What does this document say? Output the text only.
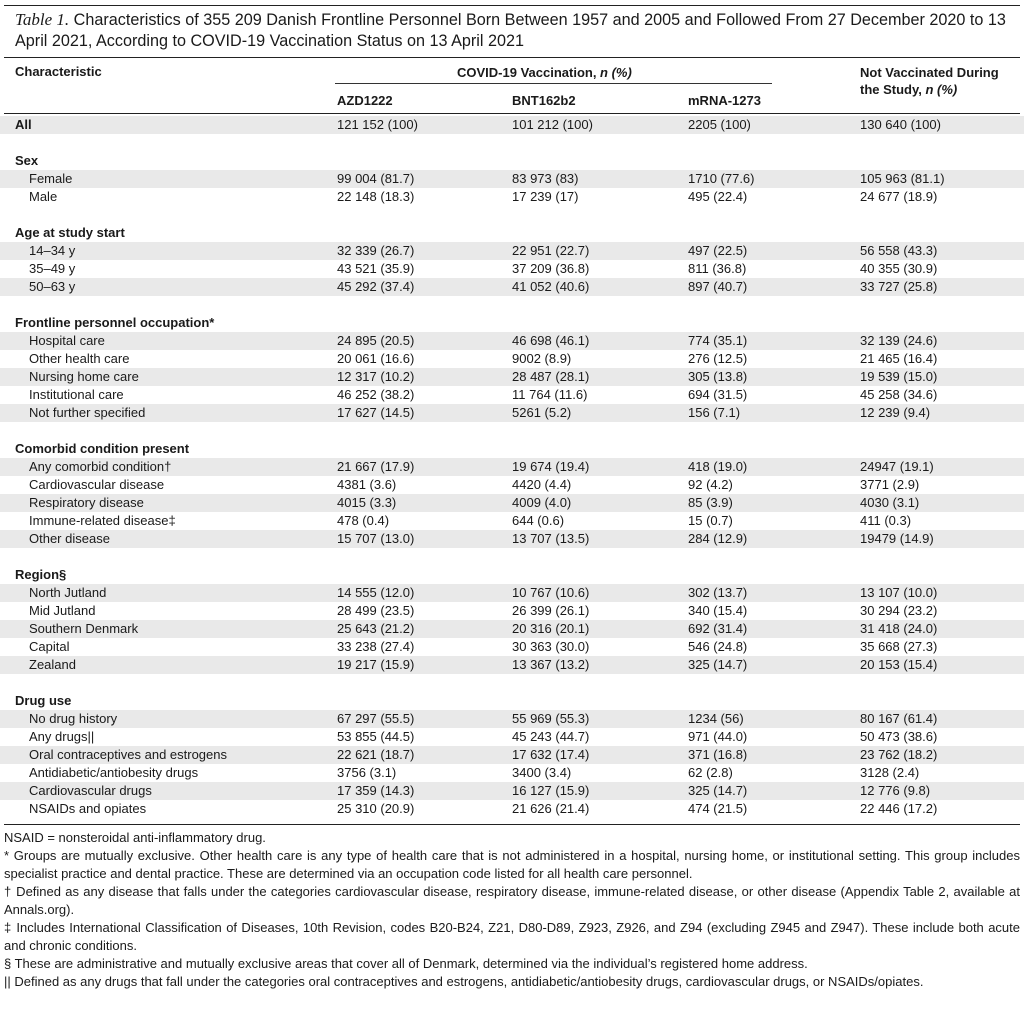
Table 1. Characteristics of 355 209 Danish Frontline Personnel Born Between 1957 and 2005 and Followed From 27 December 2020 to 13 April 2021, According to COVID-19 Vaccination Status on 13 April 2021
Characteristic	COVID-19 Vaccination, n (%)
AZD1222	BNT162b2	mRNA-1273
Not Vaccinated During
the Study, n (%)
All	121 152 (100)	101 212 (100)	2205 (100)	130 640 (100)
Sex
Female	99 004 (81.7)	83 973 (83)	1710 (77.6)	105 963 (81.1)
Male	22 148 (18.3)	17 239 (17)	495 (22.4)	24 677 (18.9)
Age at study start
14–34 y	32 339 (26.7)	22 951 (22.7)	497 (22.5)	56 558 (43.3)
35–49 y	43 521 (35.9)	37 209 (36.8)	811 (36.8)	40 355 (30.9)
50–63 y	45 292 (37.4)	41 052 (40.6)	897 (40.7)	33 727 (25.8)
Frontline personnel occupation*
Hospital care	24 895 (20.5)	46 698 (46.1)	774 (35.1)	32 139 (24.6)
Other health care	20 061 (16.6)	9002 (8.9)	276 (12.5)	21 465 (16.4)
Nursing home care	12 317 (10.2)	28 487 (28.1)	305 (13.8)	19 539 (15.0)
Institutional care	46 252 (38.2)	11 764 (11.6)	694 (31.5)	45 258 (34.6)
Not further specified	17 627 (14.5)	5261 (5.2)	156 (7.1)	12 239 (9.4)
Comorbid condition present
Any comorbid condition†	21 667 (17.9)	19 674 (19.4)	418 (19.0)	24947 (19.1)
Cardiovascular disease	4381 (3.6)	4420 (4.4)	92 (4.2)	3771 (2.9)
Respiratory disease	4015 (3.3)	4009 (4.0)	85 (3.9)	4030 (3.1)
Immune-related disease‡	478 (0.4)	644 (0.6)	15 (0.7)	411 (0.3)
Other disease	15 707 (13.0)	13 707 (13.5)	284 (12.9)	19479 (14.9)
Region§
North Jutland	14 555 (12.0)	10 767 (10.6)	302 (13.7)	13 107 (10.0)
Mid Jutland	28 499 (23.5)	26 399 (26.1)	340 (15.4)	30 294 (23.2)
Southern Denmark	25 643 (21.2)	20 316 (20.1)	692 (31.4)	31 418 (24.0)
Capital	33 238 (27.4)	30 363 (30.0)	546 (24.8)	35 668 (27.3)
Zealand	19 217 (15.9)	13 367 (13.2)	325 (14.7)	20 153 (15.4)
Drug use
No drug history	67 297 (55.5)	55 969 (55.3)	1234 (56)	80 167 (61.4)
Any drugs||	53 855 (44.5)	45 243 (44.7)	971 (44.0)	50 473 (38.6)
Oral contraceptives and estrogens	22 621 (18.7)	17 632 (17.4)	371 (16.8)	23 762 (18.2)
Antidiabetic/antiobesity drugs	3756 (3.1)	3400 (3.4)	62 (2.8)	3128 (2.4)
Cardiovascular drugs	17 359 (14.3)	16 127 (15.9)	325 (14.7)	12 776 (9.8)
NSAIDs and opiates	25 310 (20.9)	21 626 (21.4)	474 (21.5)	22 446 (17.2)
NSAID = nonsteroidal anti-inflammatory drug.
* Groups are mutually exclusive. Other health care is any type of health care that is not administered in a hospital, nursing home, or institutional setting. This group includes specialist practice and dental practice. These are determined via an occupation code listed for all health care personnel.
† Defined as any disease that falls under the categories cardiovascular disease, respiratory disease, immune-related disease, or other disease (Appendix Table 2, available at Annals.org).
‡ Includes International Classification of Diseases, 10th Revision, codes B20-B24, Z21, D80-D89, Z923, Z926, and Z94 (excluding Z945 and Z947). These include both acute and chronic conditions.
§ These are administrative and mutually exclusive areas that cover all of Denmark, determined via the individual’s registered home address.
|| Defined as any drugs that fall under the categories oral contraceptives and estrogens, antidiabetic/antiobesity drugs, cardiovascular drugs, or NSAIDs/opiates.
